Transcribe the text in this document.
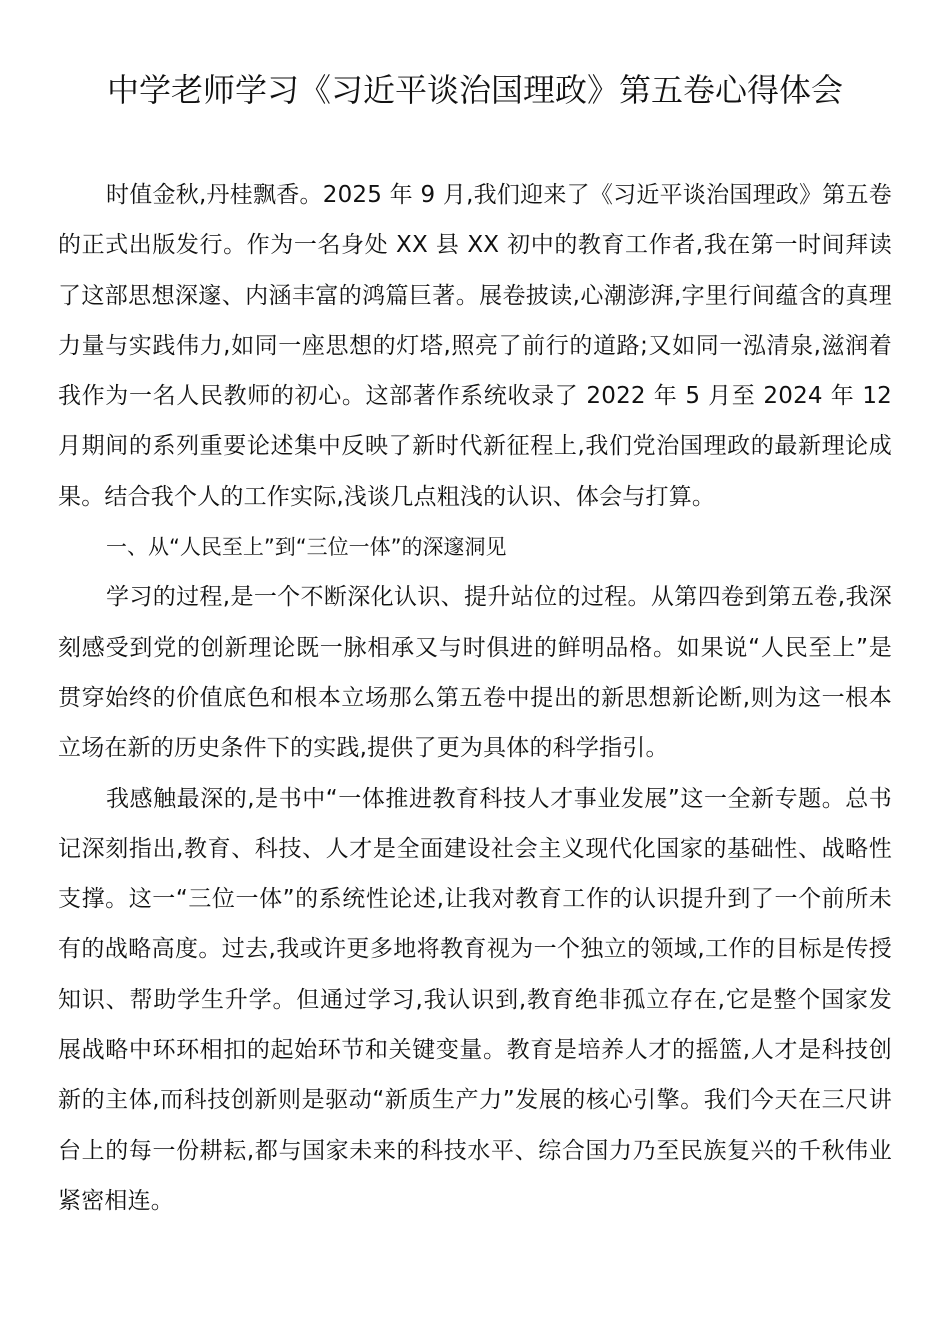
中学老师学习《习近平谈治国理政》第五卷心得体会

时值金秋,丹桂飘香。2025 年 9 月,我们迎来了《习近平谈治国理政》第五卷的正式出版发行。作为一名身处 XX 县 XX 初中的教育工作者,我在第一时间拜读了这部思想深邃、内涵丰富的鸿篇巨著。展卷披读,心潮澎湃,字里行间蕴含的真理力量与实践伟力,如同一座思想的灯塔,照亮了前行的道路;又如同一泓清泉,滋润着我作为一名人民教师的初心。这部著作系统收录了 2022 年 5 月至 2024 年 12 月期间的系列重要论述集中反映了新时代新征程上,我们党治国理政的最新理论成果。结合我个人的工作实际,浅谈几点粗浅的认识、体会与打算。

一、从“人民至上”到“三位一体”的深邃洞见

学习的过程,是一个不断深化认识、提升站位的过程。从第四卷到第五卷,我深刻感受到党的创新理论既一脉相承又与时俱进的鲜明品格。如果说“人民至上”是贯穿始终的价值底色和根本立场那么第五卷中提出的新思想新论断,则为这一根本立场在新的历史条件下的实践,提供了更为具体的科学指引。

我感触最深的,是书中“一体推进教育科技人才事业发展”这一全新专题。总书记深刻指出,教育、科技、人才是全面建设社会主义现代化国家的基础性、战略性支撑。这一“三位一体”的系统性论述,让我对教育工作的认识提升到了一个前所未有的战略高度。过去,我或许更多地将教育视为一个独立的领域,工作的目标是传授知识、帮助学生升学。但通过学习,我认识到,教育绝非孤立存在,它是整个国家发展战略中环环相扣的起始环节和关键变量。教育是培养人才的摇篮,人才是科技创新的主体,而科技创新则是驱动“新质生产力”发展的核心引擎。我们今天在三尺讲台上的每一份耕耘,都与国家未来的科技水平、综合国力乃至民族复兴的千秋伟业紧密相连。
